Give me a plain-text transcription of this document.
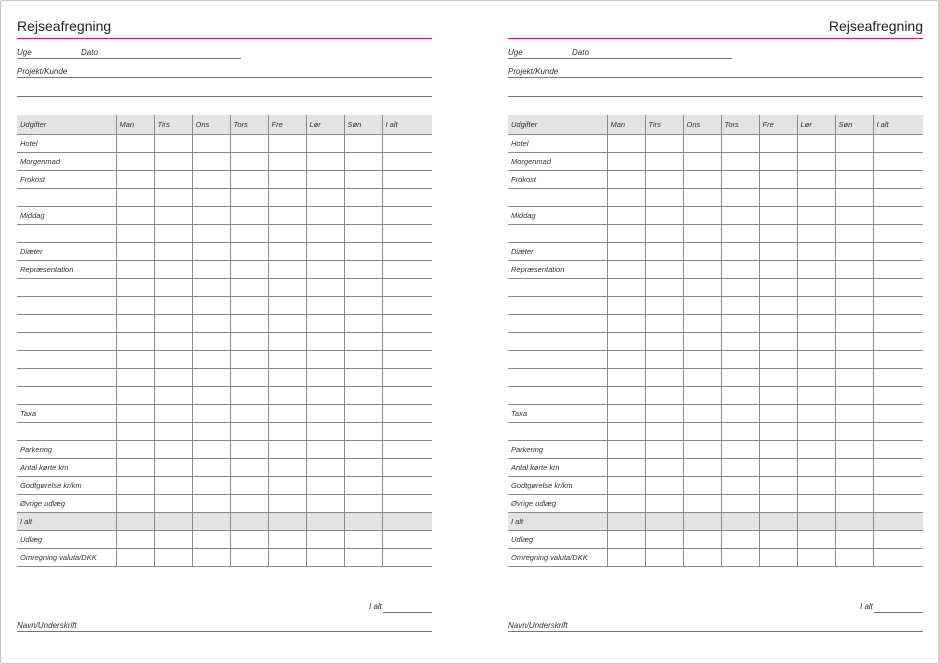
Rejseafregning
Uge	Dato
Projekt/Kunde
Udgifter	Man	Tirs	Ons	Tors	Fre	Lør	Søn	I alt
Hotel								
Morgenmad								
Frokost								

Middag								

Diæter								
Repræsentation								

Taxa								

Parkering								
Antal kørte km								
Godtgørelse kr/km								
Øvrige udlæg								
I alt								
Udlæg								
Omregning valuta/DKK								
I alt
Navn/Underskrift
Rejseafregning
Uge	Dato
Projekt/Kunde
Udgifter	Man	Tirs	Ons	Tors	Fre	Lør	Søn	I alt
Hotel								
Morgenmad								
Frokost								

Middag								

Diæter								
Repræsentation								

Taxa								

Parkering								
Antal kørte km								
Godtgørelse kr/km								
Øvrige udlæg								
I alt								
Udlæg								
Omregning valuta/DKK								
I alt
Navn/Underskrift
